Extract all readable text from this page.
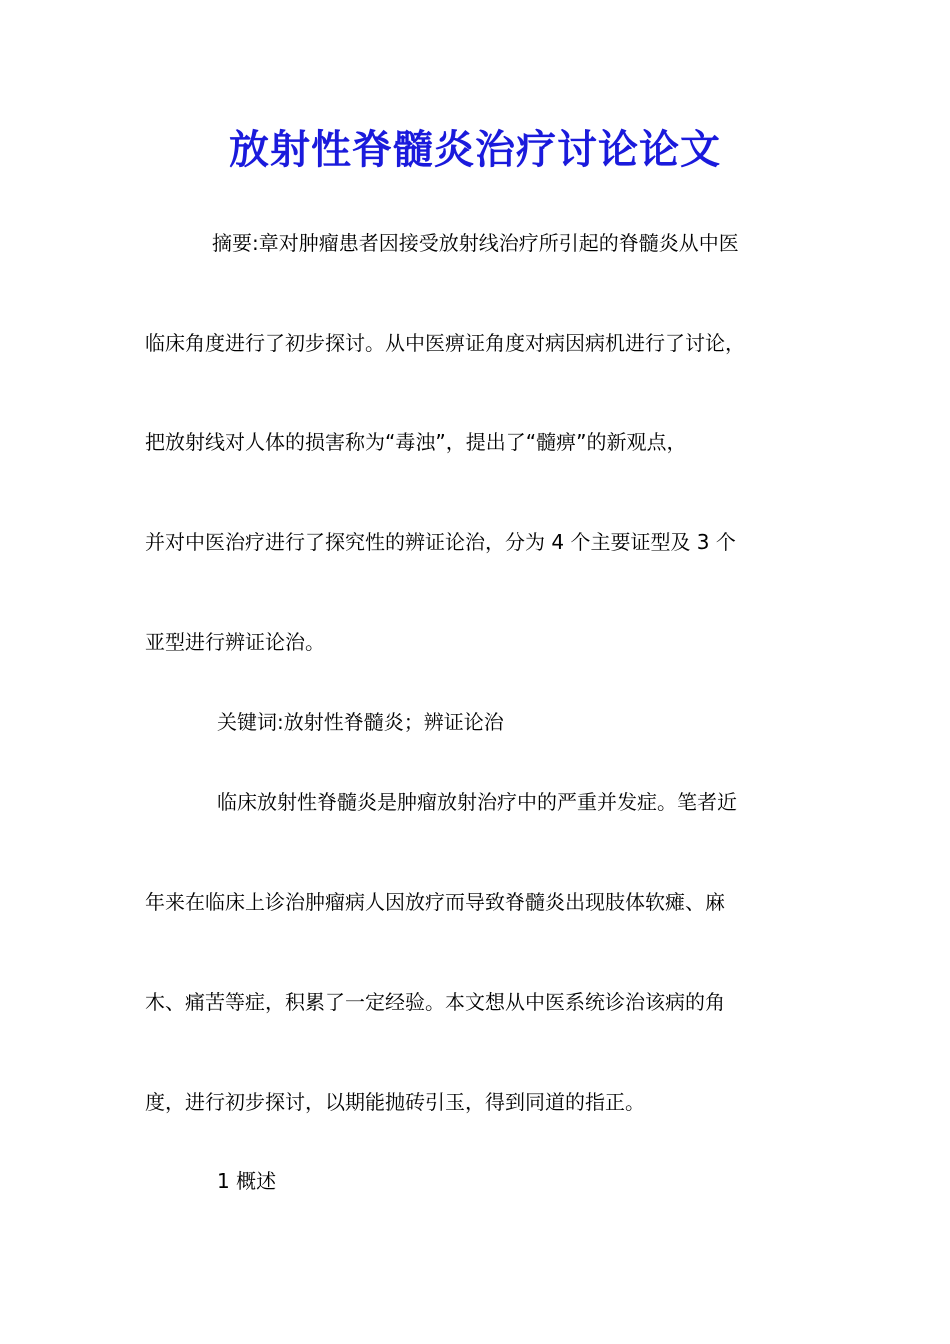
放射性脊髓炎治疗讨论论文
摘要:章对肿瘤患者因接受放射线治疗所引起的脊髓炎从中医
临床角度进行了初步探讨。从中医痹证角度对病因病机进行了讨论，
把放射线对人体的损害称为“毒浊”，提出了“髓痹”的新观点，
并对中医治疗进行了探究性的辨证论治，分为 4 个主要证型及 3 个
亚型进行辨证论治。
关键词:放射性脊髓炎；辨证论治
临床放射性脊髓炎是肿瘤放射治疗中的严重并发症。笔者近
年来在临床上诊治肿瘤病人因放疗而导致脊髓炎出现肢体软瘫、麻
木、痛苦等症，积累了一定经验。本文想从中医系统诊治该病的角
度，进行初步探讨，以期能抛砖引玉，得到同道的指正。
1 概述
